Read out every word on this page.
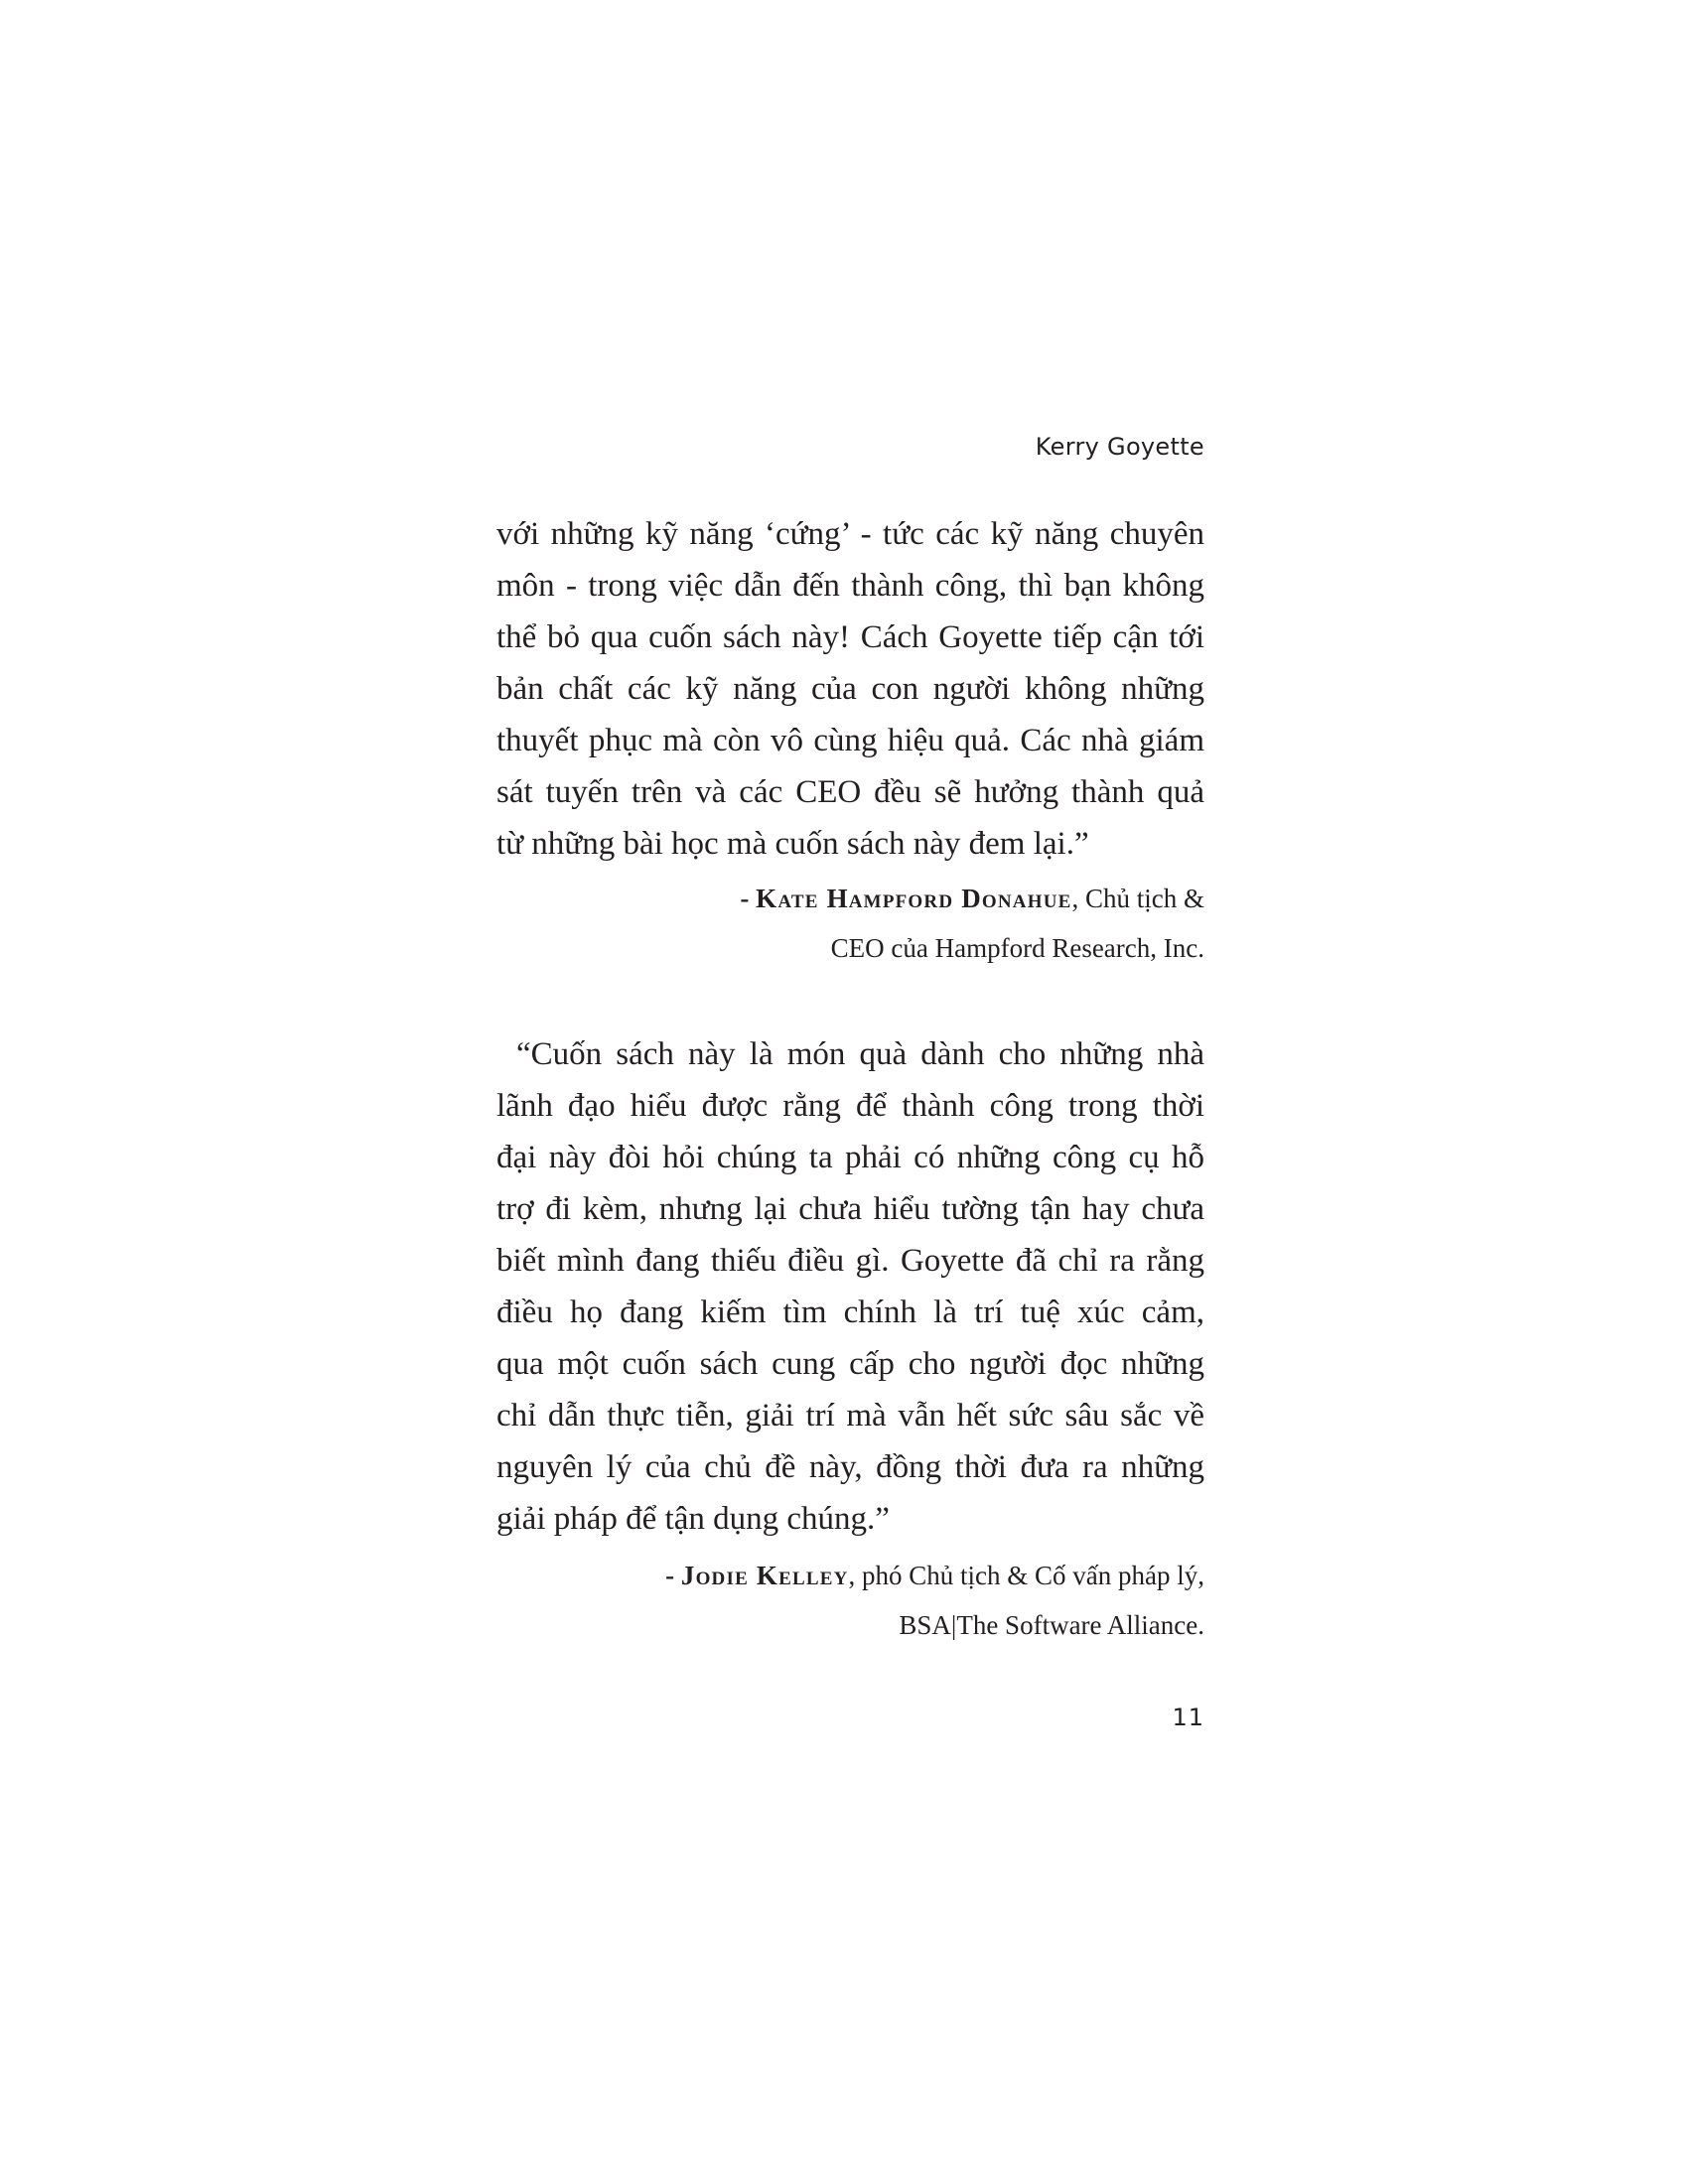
Kerry Goyette
với những kỹ năng ‘cứng’ - tức các kỹ năng chuyên
môn - trong việc dẫn đến thành công, thì bạn không
thể bỏ qua cuốn sách này! Cách Goyette tiếp cận tới
bản chất các kỹ năng của con người không những
thuyết phục mà còn vô cùng hiệu quả. Các nhà giám
sát tuyến trên và các CEO đều sẽ hưởng thành quả
từ những bài học mà cuốn sách này đem lại.”
- Kate Hampford Donahue, Chủ tịch &
CEO của Hampford Research, Inc.
“Cuốn sách này là món quà dành cho những nhà
lãnh đạo hiểu được rằng để thành công trong thời
đại này đòi hỏi chúng ta phải có những công cụ hỗ
trợ đi kèm, nhưng lại chưa hiểu tường tận hay chưa
biết mình đang thiếu điều gì. Goyette đã chỉ ra rằng
điều họ đang kiếm tìm chính là trí tuệ xúc cảm,
qua một cuốn sách cung cấp cho người đọc những
chỉ dẫn thực tiễn, giải trí mà vẫn hết sức sâu sắc về
nguyên lý của chủ đề này, đồng thời đưa ra những
giải pháp để tận dụng chúng.”
- Jodie Kelley, phó Chủ tịch & Cố vấn pháp lý,
BSA|The Software Alliance.
11
